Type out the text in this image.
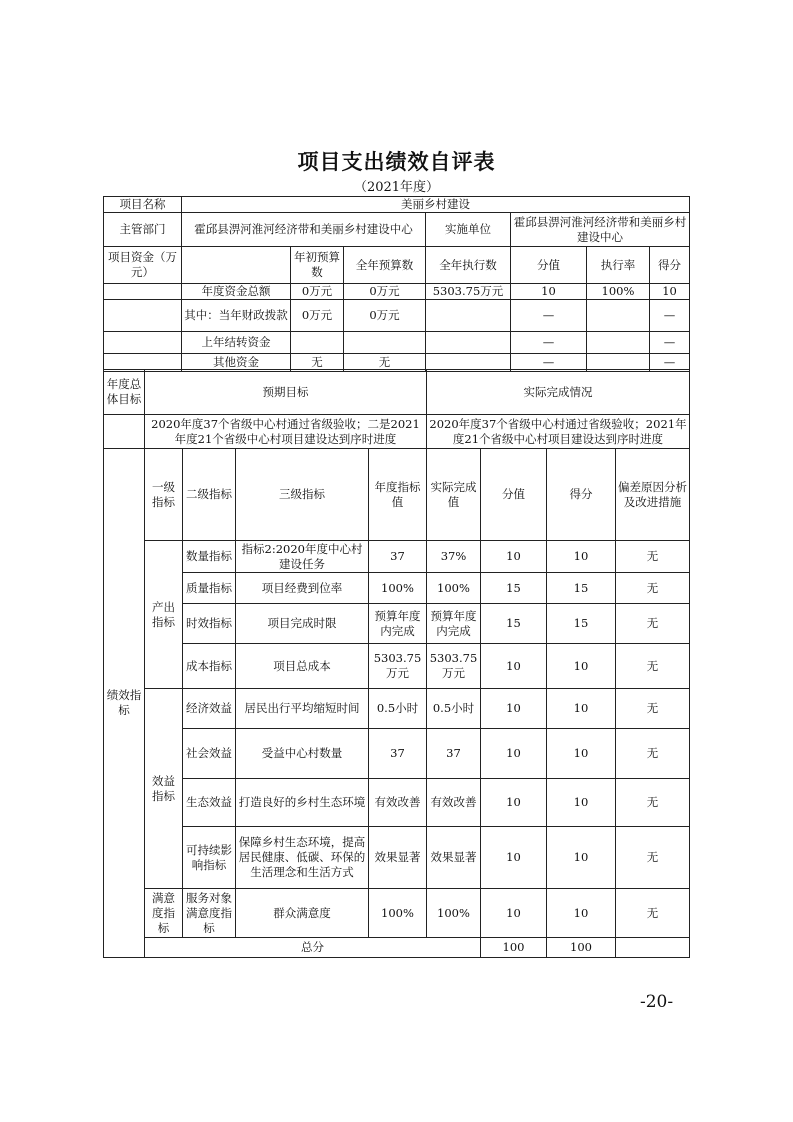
项目支出绩效自评表
（2021年度）
项目名称	美丽乡村建设						
主管部门	霍邱县淠河淮河经济带和美丽乡村建设中心			实施单位	霍邱县淠河淮河经济带和美丽乡村建设中心		
项目资金（万元）		年初预算数	全年预算数	全年执行数	分值	执行率	得分
	年度资金总额	0万元	0万元	5303.75万元	10	100%	10
	其中：当年财政拨款	0万元	0万元		—		—
	上年结转资金				—		—
	其他资金	无	无		—		—
年度总体目标	预期目标				实际完成情况			
	2020年度37个省级中心村通过省级验收；二是2021年度21个省级中心村项目建设达到序时进度				2020年度37个省级中心村通过省级验收；2021年度21个省级中心村项目建设达到序时进度			
绩效指标	一级指标	二级指标	三级指标	年度指标值	实际完成值	分值	得分	偏差原因分析及改进措施
	产出指标	数量指标	指标2:2020年度中心村建设任务	37	37%	10	10	无
		质量指标	项目经费到位率	100%	100%	15	15	无
		时效指标	项目完成时限	预算年度内完成	预算年度内完成	15	15	无
		成本指标	项目总成本	5303.75万元	5303.75万元	10	10	无
	效益指标	经济效益	居民出行平均缩短时间	0.5小时	0.5小时	10	10	无
		社会效益	受益中心村数量	37	37	10	10	无
		生态效益	打造良好的乡村生态环境	有效改善	有效改善	10	10	无
		可持续影响指标	保障乡村生态环境，提高居民健康、低碳、环保的生活理念和生活方式	效果显著	效果显著	10	10	无
	满意度指标	服务对象满意度指标	群众满意度	100%	100%	10	10	无
	总分					100	100	
-20-
